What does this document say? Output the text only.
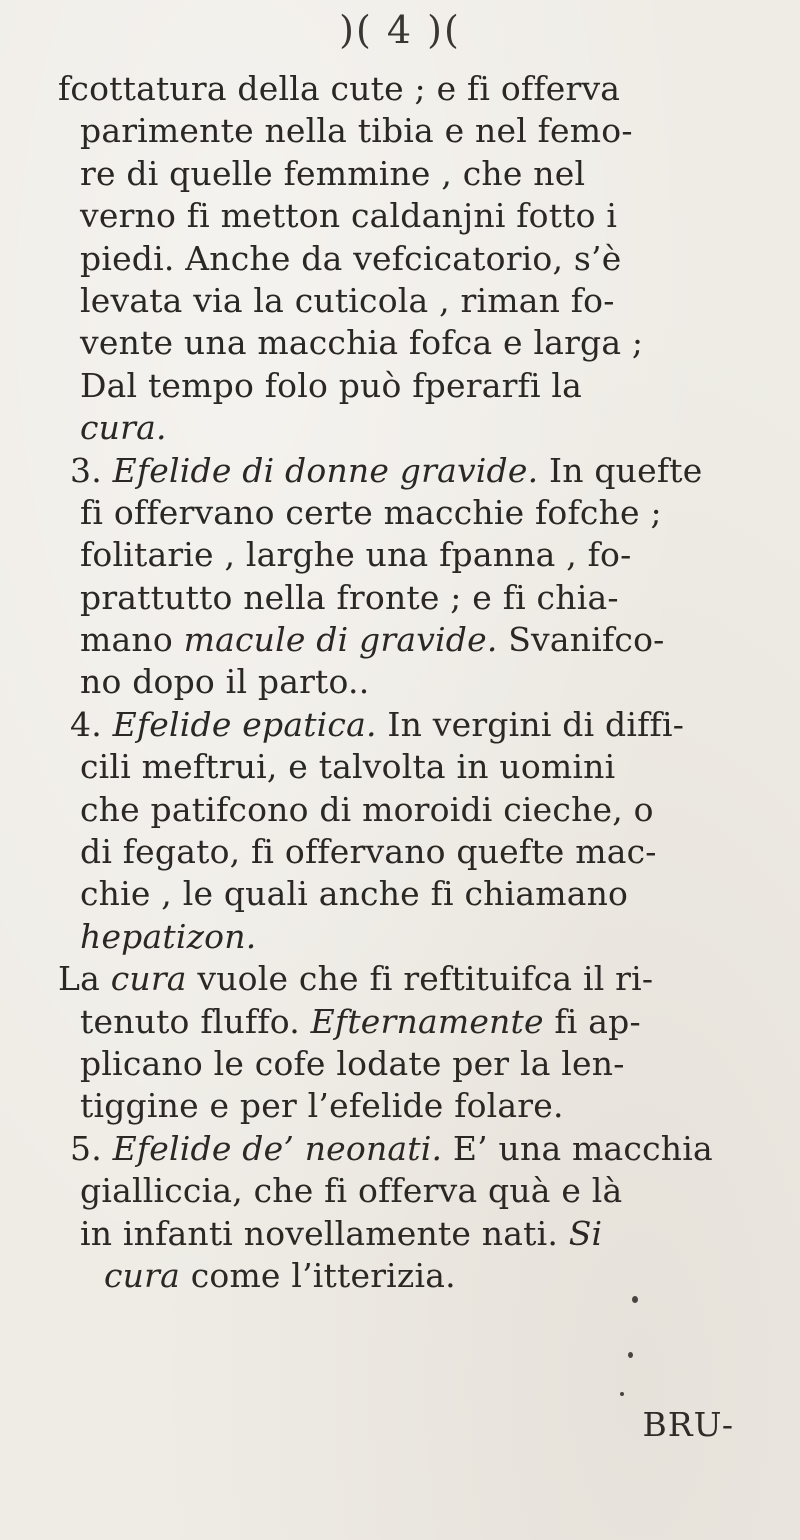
)( 4 )(
fcottatura della cute ; e fi offerva
parimente nella tibia e nel femo-
re di quelle femmine , che nel
verno fi metton caldanjni fotto i
piedi. Anche da vefcicatorio, s’è
levata via la cuticola , riman fo-
vente una macchia fofca e larga ;
Dal tempo folo può fperarfi la
cura.
3. Efelide di donne gravide. In quefte
fi offervano certe macchie fofche ;
folitarie , larghe una fpanna , fo-
prattutto nella fronte ; e fi chia-
mano macule di gravide. Svanifco-
no dopo il parto..
4. Efelide epatica. In vergini di diffi-
cili meftrui, e talvolta in uomini
che patifcono di moroidi cieche, o
di fegato, fi offervano quefte mac-
chie , le quali anche fi chiamano
hepatizon.
La cura vuole che fi reftituifca il ri-
tenuto fluffo. Efternamente fi ap-
plicano le cofe lodate per la len-
tiggine e per l’efelide folare.
5. Efelide de’ neonati. E’ una macchia
gialliccia, che fi offerva quà e là
in infanti novellamente nati. Si
cura come l’itterizia.
BRU-
